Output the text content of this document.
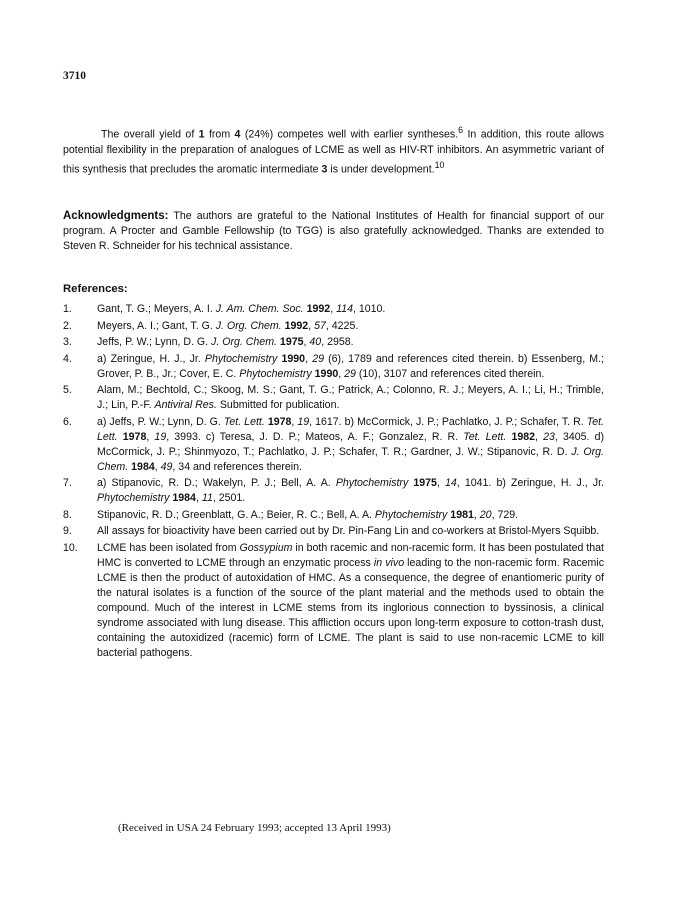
3710

The overall yield of 1 from 4 (24%) competes well with earlier syntheses.$^6$ In addition, this route allows potential flexibility in the preparation of analogues of LCME as well as HIV-RT inhibitors. An asymmetric variant of this synthesis that precludes the aromatic intermediate 3 is under development.$^{10}$

Acknowledgments: The authors are grateful to the National Institutes of Health for financial support of our program. A Procter and Gamble Fellowship (to TGG) is also gratefully acknowledged. Thanks are extended to Steven R. Schneider for his technical assistance.

References:
1.	Gant, T. G.; Meyers, A. I. J. Am. Chem. Soc. 1992, 114, 1010.
2.	Meyers, A. I.; Gant, T. G. J. Org. Chem. 1992, 57, 4225.
3.	Jeffs, P. W.; Lynn, D. G. J. Org. Chem. 1975, 40, 2958.
4.	a) Zeringue, H. J., Jr. Phytochemistry 1990, 29 (6), 1789 and references cited therein. b) Essenberg, M.; Grover, P. B., Jr.; Cover, E. C. Phytochemistry 1990, 29 (10), 3107 and references cited therein.
5.	Alam, M.; Bechtold, C.; Skoog, M. S.; Gant, T. G.; Patrick, A.; Colonno, R. J.; Meyers, A. I.; Li, H.; Trimble, J.; Lin, P.-F. Antiviral Res. Submitted for publication.
6.	a) Jeffs, P. W.; Lynn, D. G. Tet. Lett. 1978, 19, 1617. b) McCormick, J. P.; Pachlatko, J. P.; Schafer, T. R. Tet. Lett. 1978, 19, 3993. c) Teresa, J. D. P.; Mateos, A. F.; Gonzalez, R. R. Tet. Lett. 1982, 23, 3405. d) McCormick, J. P.; Shinmyozo, T.; Pachlatko, J. P.; Schafer, T. R.; Gardner, J. W.; Stipanovic, R. D. J. Org. Chem. 1984, 49, 34 and references therein.
7.	a) Stipanovic, R. D.; Wakelyn, P. J.; Bell, A. A. Phytochemistry 1975, 14, 1041. b) Zeringue, H. J., Jr. Phytochemistry 1984, 11, 2501.
8.	Stipanovic, R. D.; Greenblatt, G. A.; Beier, R. C.; Bell, A. A. Phytochemistry 1981, 20, 729.
9.	All assays for bioactivity have been carried out by Dr. Pin-Fang Lin and co-workers at Bristol-Myers Squibb.
10.	LCME has been isolated from Gossypium in both racemic and non-racemic form. It has been postulated that HMC is converted to LCME through an enzymatic process in vivo leading to the non-racemic form. Racemic LCME is then the product of autoxidation of HMC. As a consequence, the degree of enantiomeric purity of the natural isolates is a function of the source of the plant material and the methods used to obtain the compound. Much of the interest in LCME stems from its inglorious connection to byssinosis, a clinical syndrome associated with lung disease. This affliction occurs upon long-term exposure to cotton-trash dust, containing the autoxidized (racemic) form of LCME. The plant is said to use non-racemic LCME to kill bacterial pathogens.
(Received in USA 24 February 1993; accepted 13 April 1993)
